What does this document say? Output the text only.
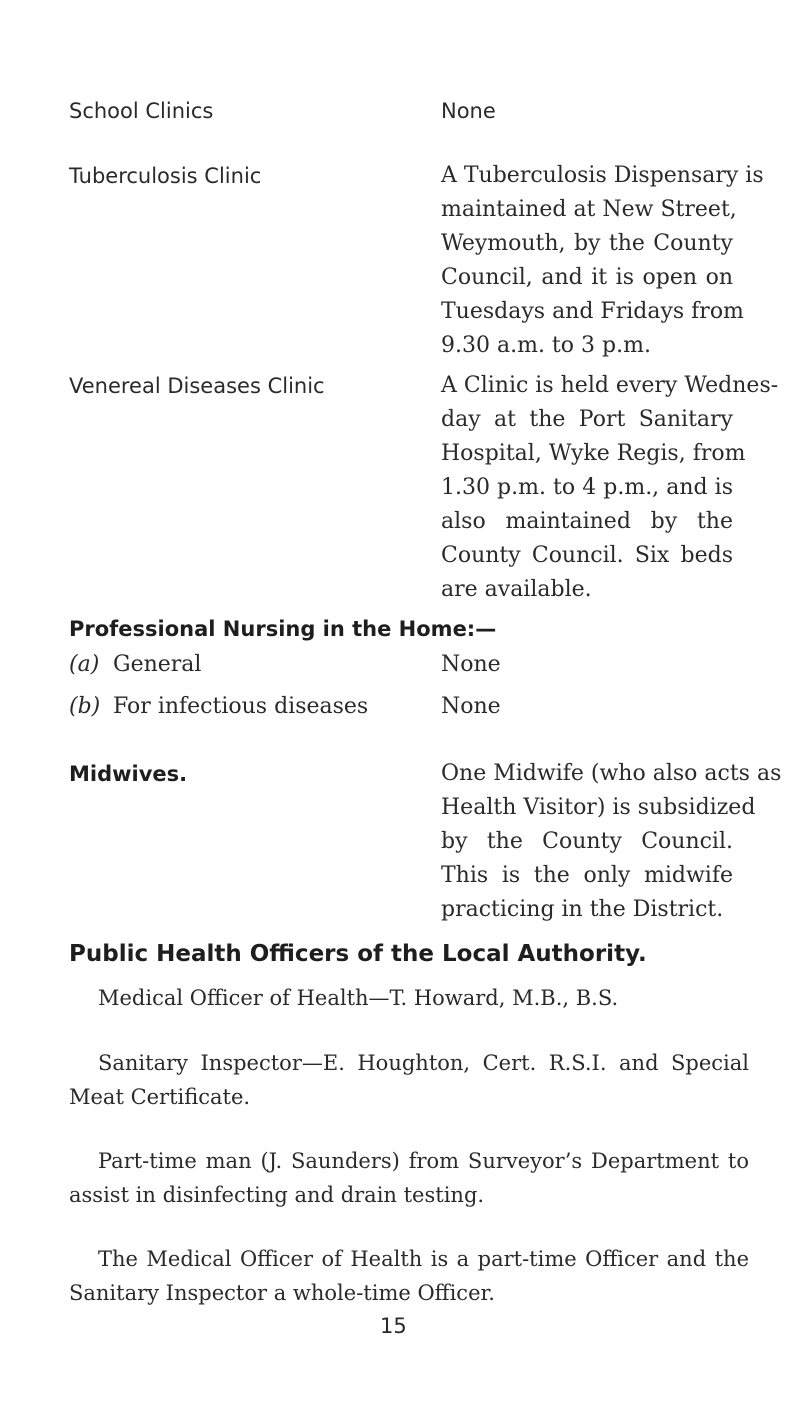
School Clinics	None
Tuberculosis Clinic	A Tuberculosis Dispensary is
maintained at New Street,
Weymouth, by the County
Council, and it is open on
Tuesdays and Fridays from
9.30 a.m. to 3 p.m.
Venereal Diseases Clinic	A Clinic is held every Wednes-
day at the Port Sanitary
Hospital, Wyke Regis, from
1.30 p.m. to 4 p.m., and is
also maintained by the
County Council. Six beds
are available.
Professional Nursing in the Home:—
(a) General	None
(b) For infectious diseases	None
Midwives.	One Midwife (who also acts as
Health Visitor) is subsidized
by the County Council.
This is the only midwife
practicing in the District.
Public Health Officers of the Local Authority.
Medical Officer of Health—T. Howard, M.B., B.S.
Sanitary Inspector—E. Houghton, Cert. R.S.I. and Special
Meat Certificate.
Part-time man (J. Saunders) from Surveyor’s Department to
assist in disinfecting and drain testing.
The Medical Officer of Health is a part-time Officer and the
Sanitary Inspector a whole-time Officer.
15
